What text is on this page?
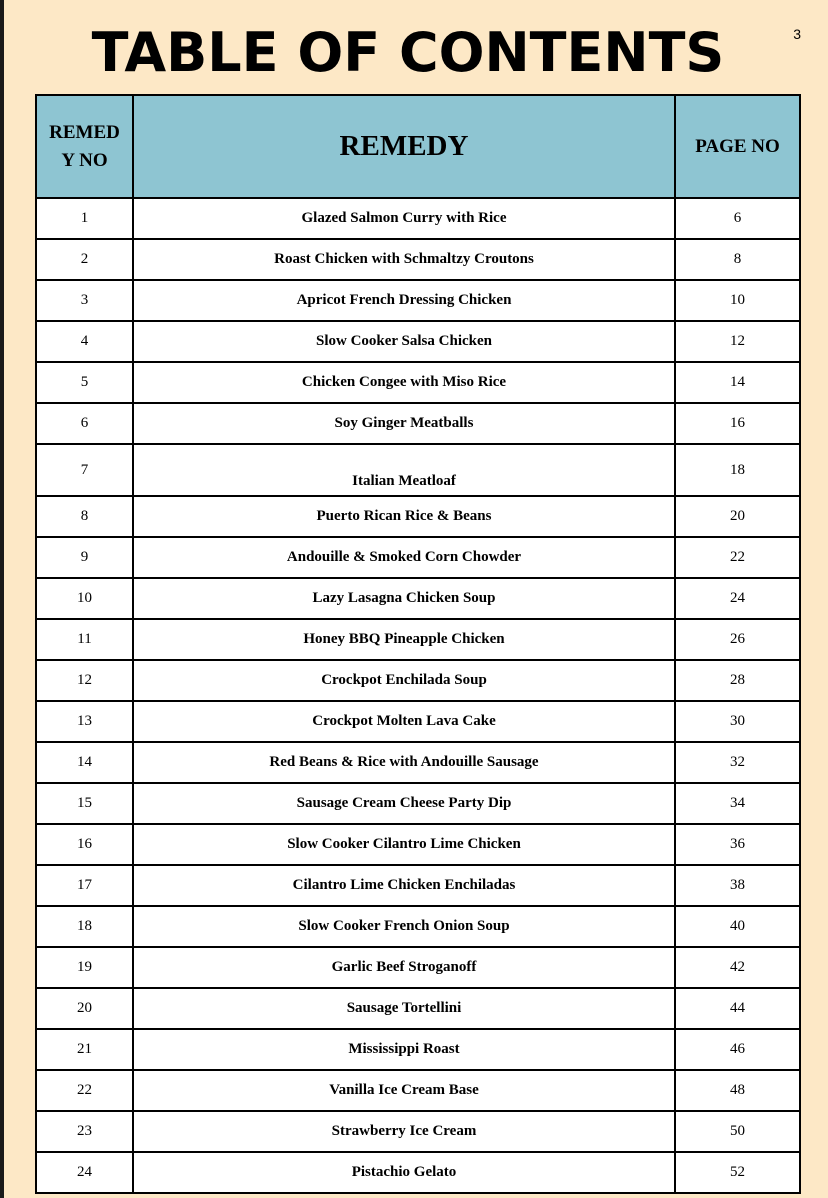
TABLE OF CONTENTS	3
REMEDY NO	REMEDY	PAGE NO
1	Glazed Salmon Curry with Rice	6
2	Roast Chicken with Schmaltzy Croutons	8
3	Apricot French Dressing Chicken	10
4	Slow Cooker Salsa Chicken	12
5	Chicken Congee with Miso Rice	14
6	Soy Ginger Meatballs	16
7	Italian Meatloaf	18
8	Puerto Rican Rice & Beans	20
9	Andouille & Smoked Corn Chowder	22
10	Lazy Lasagna Chicken Soup	24
11	Honey BBQ Pineapple Chicken	26
12	Crockpot Enchilada Soup	28
13	Crockpot Molten Lava Cake	30
14	Red Beans & Rice with Andouille Sausage	32
15	Sausage Cream Cheese Party Dip	34
16	Slow Cooker Cilantro Lime Chicken	36
17	Cilantro Lime Chicken Enchiladas	38
18	Slow Cooker French Onion Soup	40
19	Garlic Beef Stroganoff	42
20	Sausage Tortellini	44
21	Mississippi Roast	46
22	Vanilla Ice Cream Base	48
23	Strawberry Ice Cream	50
24	Pistachio Gelato	52
